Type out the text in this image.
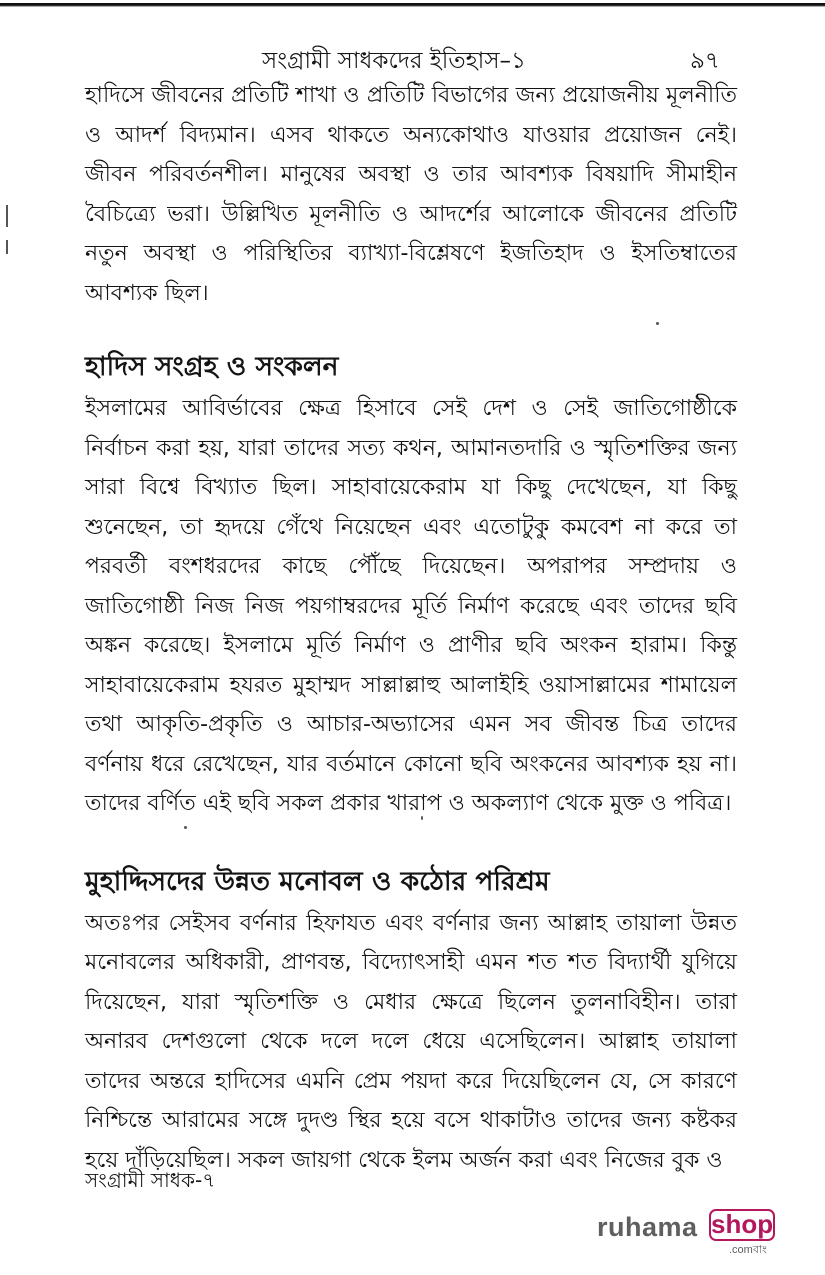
সংগ্রামী সাধকদের ইতিহাস–১	৯৭

হাদিসে জীবনের প্রতিটি শাখা ও প্রতিটি বিভাগের জন্য প্রয়োজনীয় মূলনীতি ও আদর্শ বিদ্যমান। এসব থাকতে অন্যকোথাও যাওয়ার প্রয়োজন নেই। জীবন পরিবর্তনশীল। মানুষের অবস্থা ও তার আবশ্যক বিষয়াদি সীমাহীন বৈচিত্র্যে ভরা। উল্লিখিত মূলনীতি ও আদর্শের আলোকে জীবনের প্রতিটি নতুন অবস্থা ও পরিস্থিতির ব্যাখ্যা-বিশ্লেষণে ইজতিহাদ ও ইসতিম্বাতের আবশ্যক ছিল।

হাদিস সংগ্রহ ও সংকলন

ইসলামের আবির্ভাবের ক্ষেত্র হিসাবে সেই দেশ ও সেই জাতিগোষ্ঠীকে নির্বাচন করা হয়, যারা তাদের সত্য কথন, আমানতদারি ও স্মৃতিশক্তির জন্য সারা বিশ্বে বিখ্যাত ছিল। সাহাবায়েকেরাম যা কিছু দেখেছেন, যা কিছু শুনেছেন, তা হৃদয়ে গেঁথে নিয়েছেন এবং এতোটুকু কমবেশ না করে তা পরবর্তী বংশধরদের কাছে পৌঁছে দিয়েছেন। অপরাপর সম্প্রদায় ও জাতিগোষ্ঠী নিজ নিজ পয়গাম্বরদের মূর্তি নির্মাণ করেছে এবং তাদের ছবি অঙ্কন করেছে। ইসলামে মূর্তি নির্মাণ ও প্রাণীর ছবি অংকন হারাম। কিন্তু সাহাবায়েকেরাম হযরত মুহাম্মদ সাল্লাল্লাহু আলাইহি ওয়াসাল্লামের শামায়েল তথা আকৃতি-প্রকৃতি ও আচার-অভ্যাসের এমন সব জীবন্ত চিত্র তাদের বর্ণনায় ধরে রেখেছেন, যার বর্তমানে কোনো ছবি অংকনের আবশ্যক হয় না। তাদের বর্ণিত এই ছবি সকল প্রকার খারাপ ও অকল্যাণ থেকে মুক্ত ও পবিত্র।

মুহাদ্দিসদের উন্নত মনোবল ও কঠোর পরিশ্রম

অতঃপর সেইসব বর্ণনার হিফাযত এবং বর্ণনার জন্য আল্লাহ তায়ালা উন্নত মনোবলের অধিকারী, প্রাণবন্ত, বিদ্যোৎসাহী এমন শত শত বিদ্যার্থী যুগিয়ে দিয়েছেন, যারা স্মৃতিশক্তি ও মেধার ক্ষেত্রে ছিলেন তুলনাবিহীন। তারা অনারব দেশগুলো থেকে দলে দলে ধেয়ে এসেছিলেন। আল্লাহ তায়ালা তাদের অন্তরে হাদিসের এমনি প্রেম পয়দা করে দিয়েছিলেন যে, সে কারণে নিশ্চিন্তে আরামের সঙ্গে দুদণ্ড স্থির হয়ে বসে থাকাটাও তাদের জন্য কষ্টকর হয়ে দাঁড়িয়েছিল। সকল জায়গা থেকে ইলম অর্জন করা এবং নিজের বুক ও

সংগ্রামী সাধক-৭
ruhama shop
.comবাং
